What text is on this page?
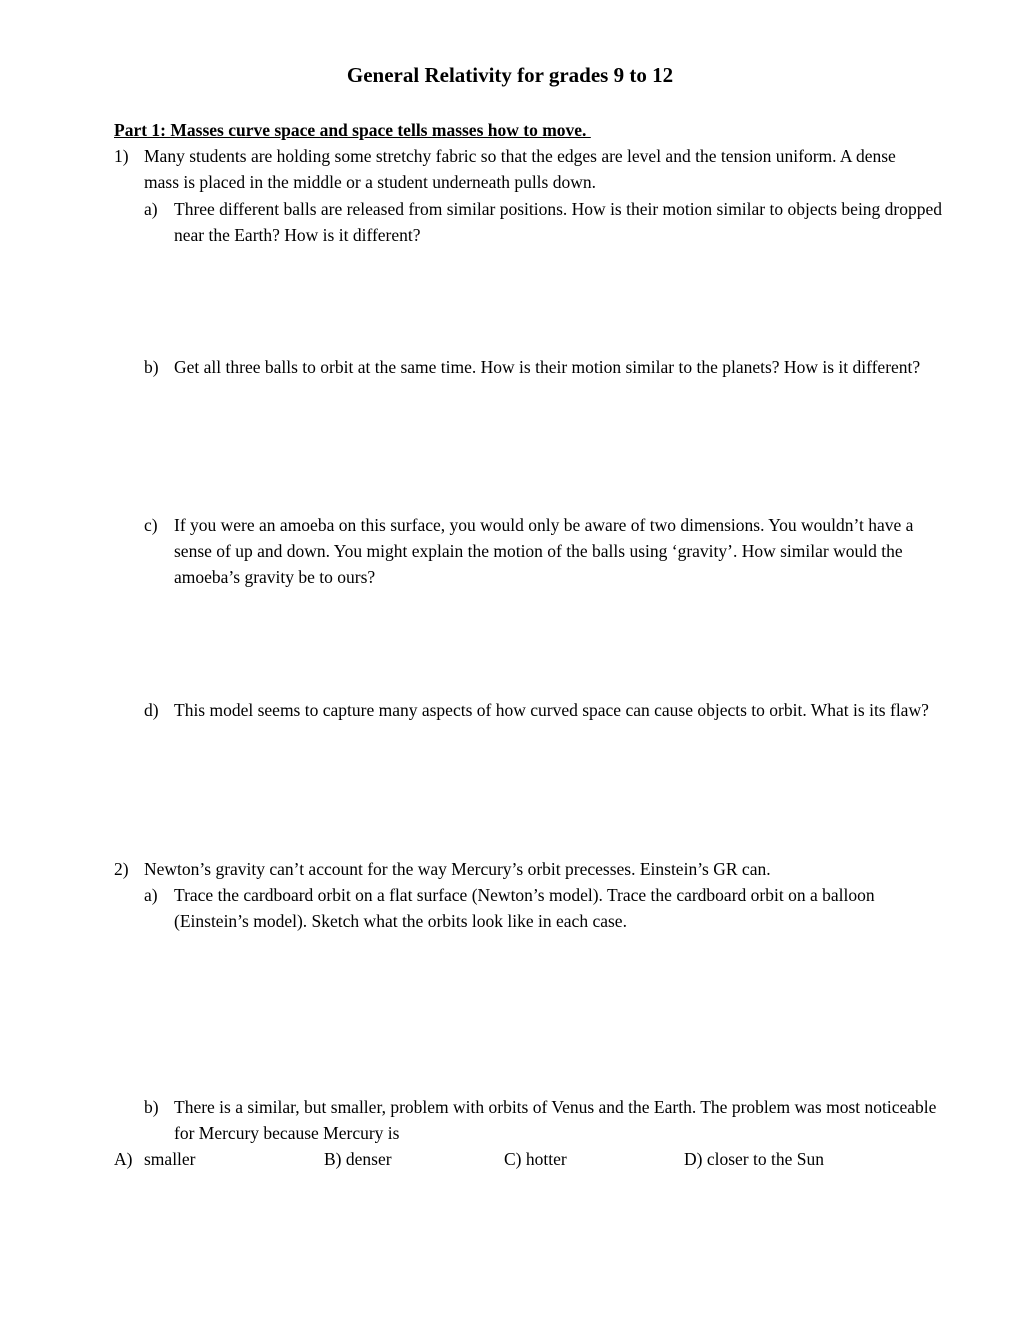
General Relativity for grades 9 to 12
Part 1: Masses curve space and space tells masses how to move.
1) Many students are holding some stretchy fabric so that the edges are level and the tension uniform. A dense mass is placed in the middle or a student underneath pulls down.
a) Three different balls are released from similar positions. How is their motion similar to objects being dropped near the Earth? How is it different?
b) Get all three balls to orbit at the same time. How is their motion similar to the planets? How is it different?
c) If you were an amoeba on this surface, you would only be aware of two dimensions. You wouldn’t have a sense of up and down. You might explain the motion of the balls using ‘gravity’. How similar would the amoeba’s gravity be to ours?
d) This model seems to capture many aspects of how curved space can cause objects to orbit. What is its flaw?
2) Newton’s gravity can’t account for the way Mercury’s orbit precesses. Einstein’s GR can.
a) Trace the cardboard orbit on a flat surface (Newton’s model). Trace the cardboard orbit on a balloon (Einstein’s model). Sketch what the orbits look like in each case.
b) There is a similar, but smaller, problem with orbits of Venus and the Earth. The problem was most noticeable for Mercury because Mercury is
A) smaller	B) denser	C) hotter	D) closer to the Sun
